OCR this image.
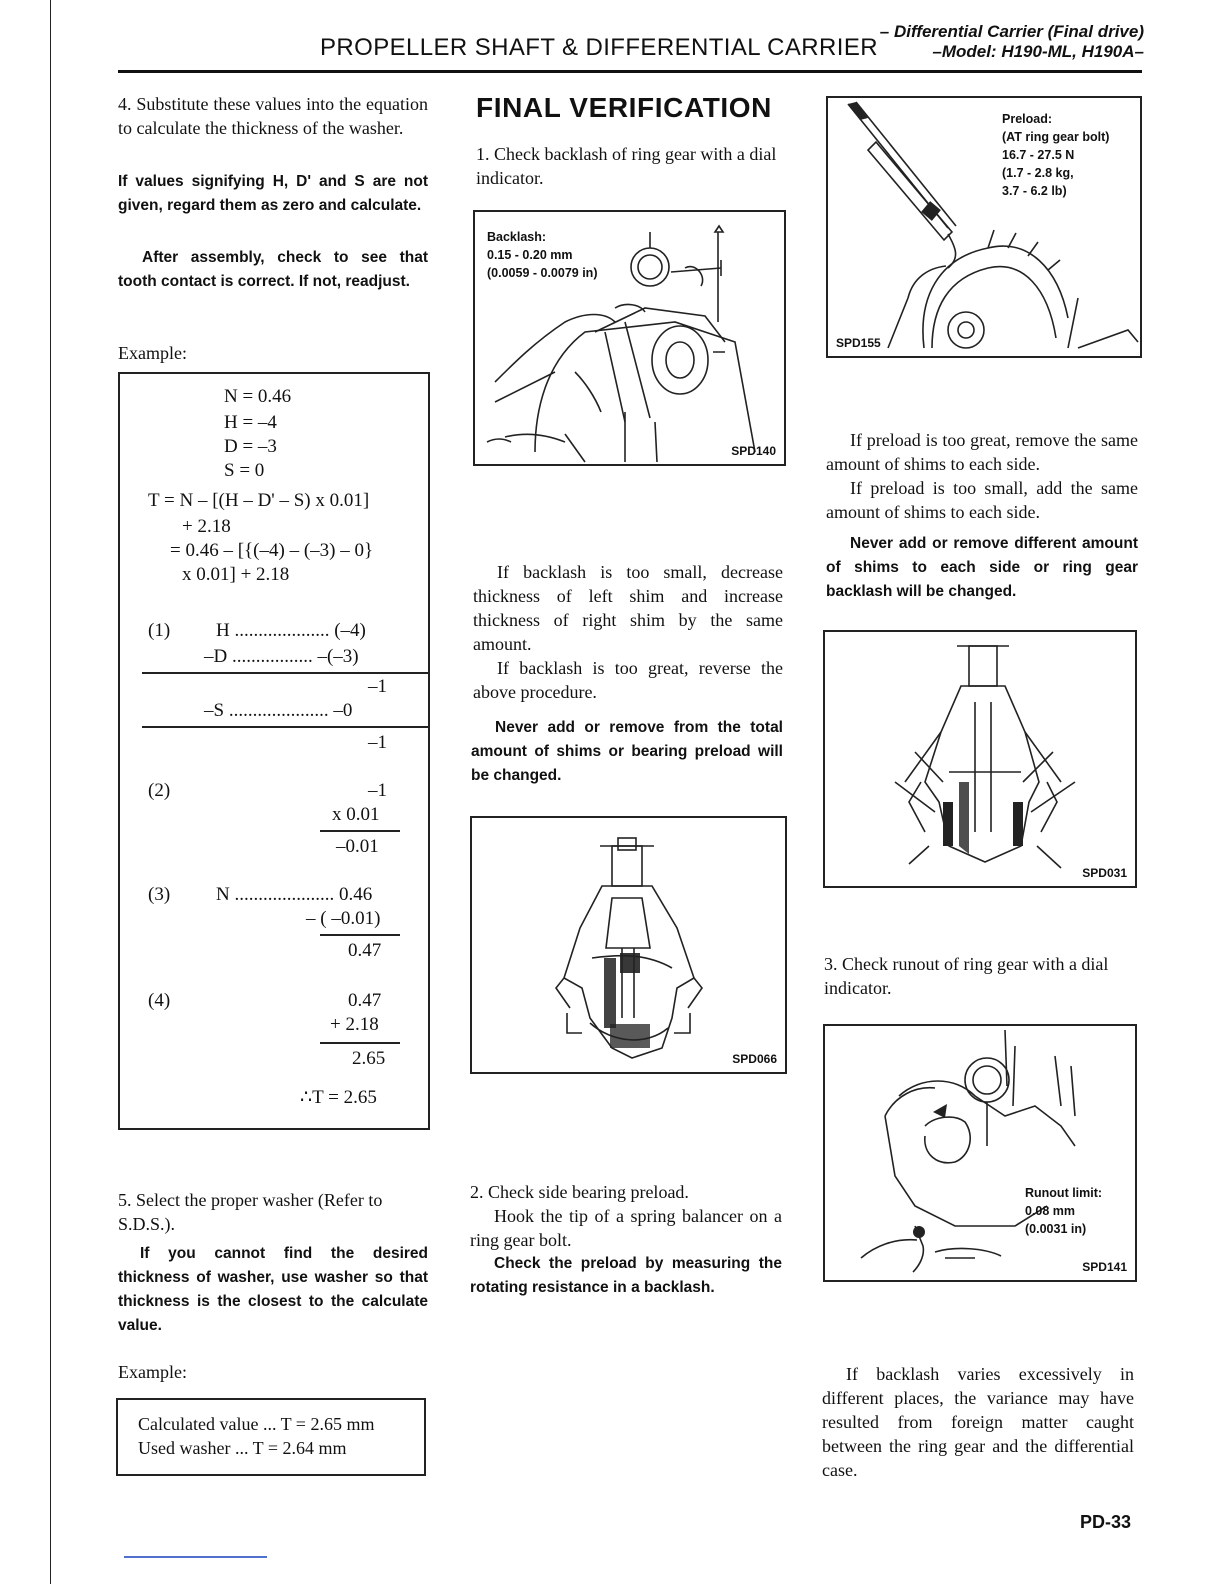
PROPELLER SHAFT & DIFFERENTIAL CARRIER
– Differential Carrier (Final drive)
–Model: H190-ML, H190A–

4. Substitute these values into the equation to calculate the thickness of the washer.

If values signifying H, D' and S are not given, regard them as zero and calculate.

After assembly, check to see that tooth contact is correct. If not, readjust.

Example:

N = 0.46
H = –4
D = –3
S = 0
T = N – [(H – D' – S) x 0.01]
+ 2.18
= 0.46 – [{(–4) – (–3) – 0}
x 0.01] + 2.18
(1) H .................... (–4)
–D ................. –(–3)
–1
–S ..................... –0
–1
(2)	–1
x 0.01
–0.01
(3) N ..................... 0.46
– ( –0.01)
0.47
(4)	0.47
+ 2.18
2.65
∴T = 2.65

5. Select the proper washer (Refer to S.D.S.).

If you cannot find the desired thickness of washer, use washer so that thickness is the closest to the calculate value.

Example:

Calculated value ... T = 2.65 mm
Used washer ... T = 2.64 mm
FINAL VERIFICATION

1. Check backlash of ring gear with a dial indicator.

Backlash:
0.15 - 0.20 mm
(0.0059 - 0.0079 in)
SPD140

If backlash is too small, decrease thickness of left shim and increase thickness of right shim by the same amount.

If backlash is too great, reverse the above procedure.

Never add or remove from the total amount of shims or bearing preload will be changed.

SPD066

2. Check side bearing preload.

Hook the tip of a spring balancer on a ring gear bolt.

Check the preload by measuring the rotating resistance in a backlash.

Preload:
(AT ring gear bolt)
16.7 - 27.5 N
(1.7 - 2.8 kg,
3.7 - 6.2 lb)
SPD155

If preload is too great, remove the same amount of shims to each side.

If preload is too small, add the same amount of shims to each side.

Never add or remove different amount of shims to each side or ring gear backlash will be changed.

SPD031

3. Check runout of ring gear with a dial indicator.

Runout limit:
0.08 mm
(0.0031 in)
SPD141

If backlash varies excessively in different places, the variance may have resulted from foreign matter caught between the ring gear and the differential case.

PD-33
